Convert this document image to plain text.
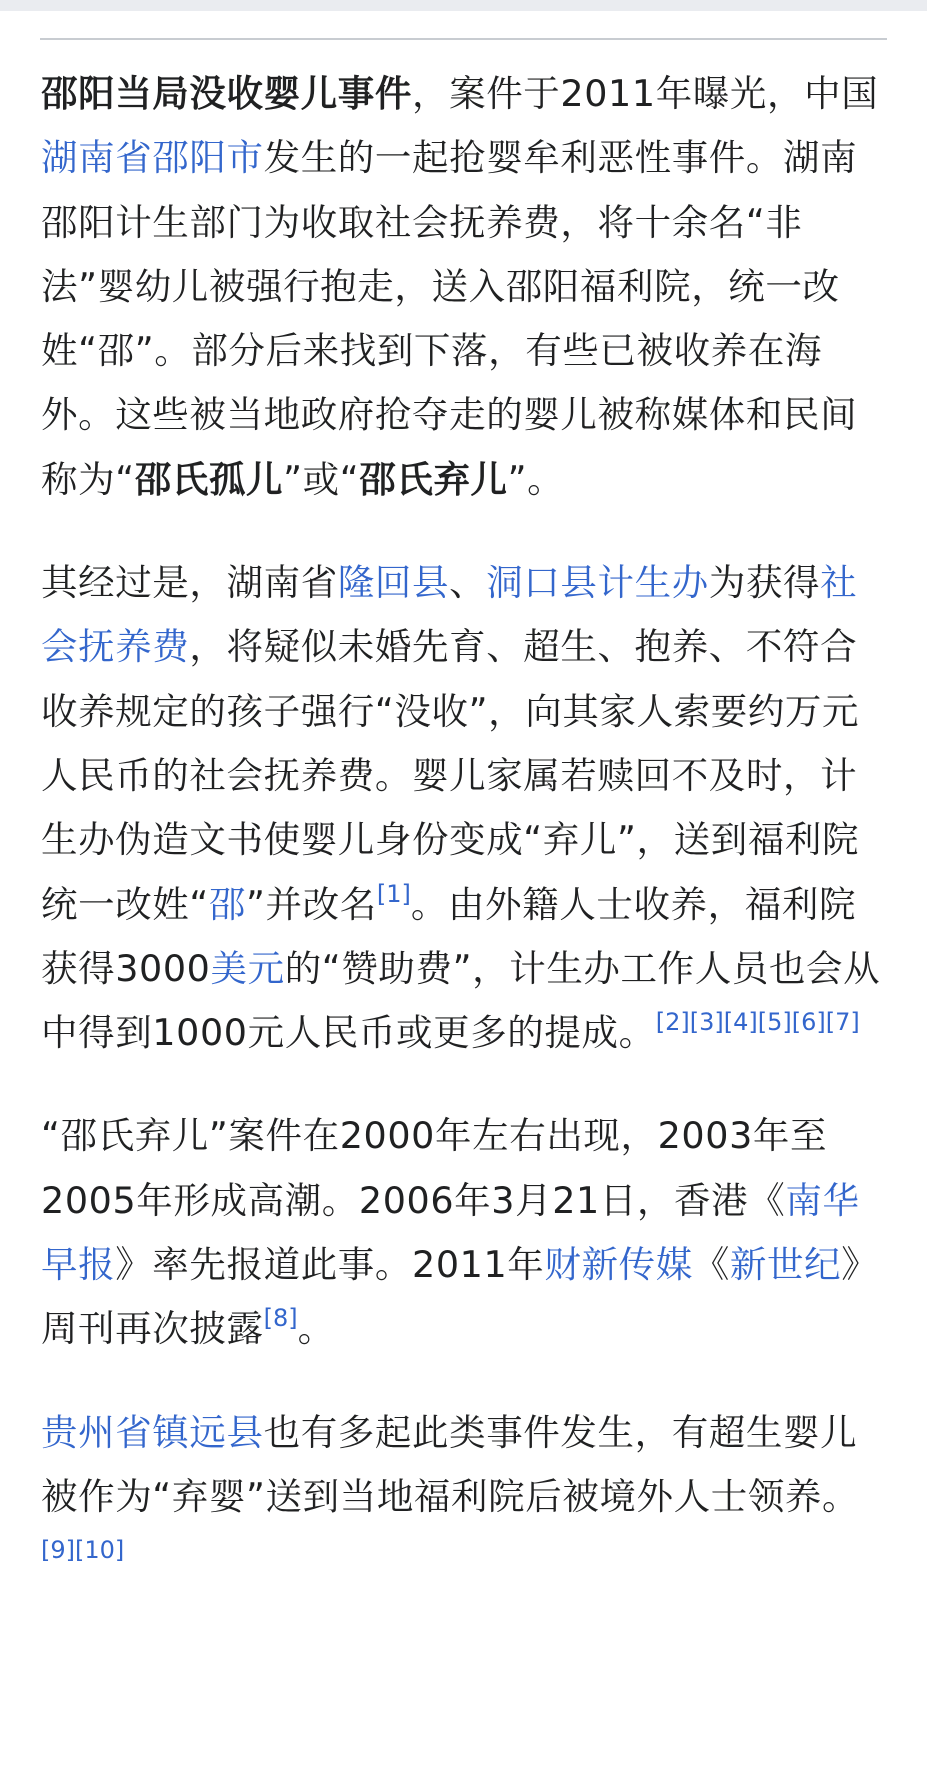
邵阳当局没收婴儿事件，案件于2011年曝光，中国湖南省邵阳市发生的一起抢婴牟利恶性事件。湖南邵阳计生部门为收取社会抚养费，将十余名“非法”婴幼儿被强行抱走，送入邵阳福利院，统一改姓“邵”。部分后来找到下落，有些已被收养在海外。这些被当地政府抢夺走的婴儿被称媒体和民间称为“邵氏孤儿”或“邵氏弃儿”。

其经过是，湖南省隆回县、洞口县计生办为获得社会抚养费，将疑似未婚先育、超生、抱养、不符合收养规定的孩子强行“没收”，向其家人索要约万元人民币的社会抚养费。婴儿家属若赎回不及时，计生办伪造文书使婴儿身份变成“弃儿”，送到福利院统一改姓“邵”并改名[1]。由外籍人士收养，福利院获得3000美元的“赞助费”，计生办工作人员也会从中得到1000元人民币或更多的提成。[2][3][4][5][6][7]

“邵氏弃儿”案件在2000年左右出现，2003年至2005年形成高潮。2006年3月21日，香港《南华早报》率先报道此事。2011年财新传媒《新世纪》周刊再次披露[8]。

贵州省镇远县也有多起此类事件发生，有超生婴儿被作为“弃婴”送到当地福利院后被境外人士领养。[9][10]
